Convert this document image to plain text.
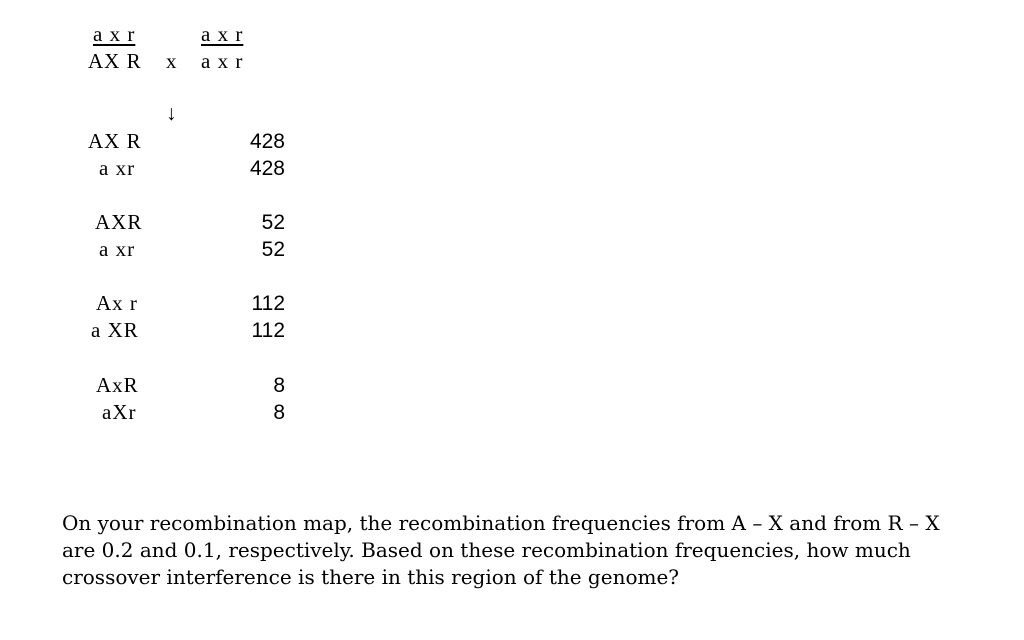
a x r
AX R x
a x r
a x r
↓
AX R
a xr
428
428
AXR
a xr
52
52
Ax r
a XR
112
112
AxR
aXr
8
8
On your recombination map, the recombination frequencies from A – X and from R – X are 0.2 and 0.1, respectively. Based on these recombination frequencies, how much crossover interference is there in this region of the genome?
